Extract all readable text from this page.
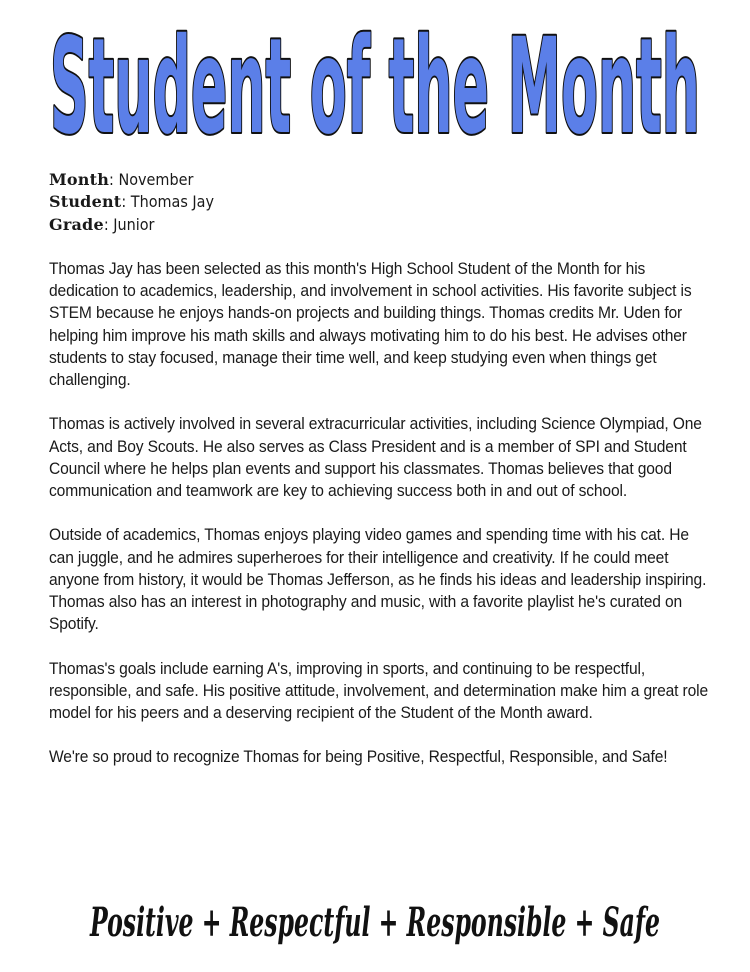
Student of the Month
Month: November
Student: Thomas Jay
Grade: Junior

Thomas Jay has been selected as this month's High School Student of the Month for his dedication to academics, leadership, and involvement in school activities. His favorite subject is STEM because he enjoys hands-on projects and building things. Thomas credits Mr. Uden for helping him improve his math skills and always motivating him to do his best. He advises other students to stay focused, manage their time well, and keep studying even when things get challenging.

Thomas is actively involved in several extracurricular activities, including Science Olympiad, One Acts, and Boy Scouts. He also serves as Class President and is a member of SPI and Student Council where he helps plan events and support his classmates. Thomas believes that good communication and teamwork are key to achieving success both in and out of school.

Outside of academics, Thomas enjoys playing video games and spending time with his cat. He can juggle, and he admires superheroes for their intelligence and creativity. If he could meet anyone from history, it would be Thomas Jefferson, as he finds his ideas and leadership inspiring. Thomas also has an interest in photography and music, with a favorite playlist he's curated on Spotify.

Thomas's goals include earning A's, improving in sports, and continuing to be respectful, responsible, and safe. His positive attitude, involvement, and determination make him a great role model for his peers and a deserving recipient of the Student of the Month award.

We're so proud to recognize Thomas for being Positive, Respectful, Responsible, and Safe!

Positive + Respectful + Responsible + Safe
